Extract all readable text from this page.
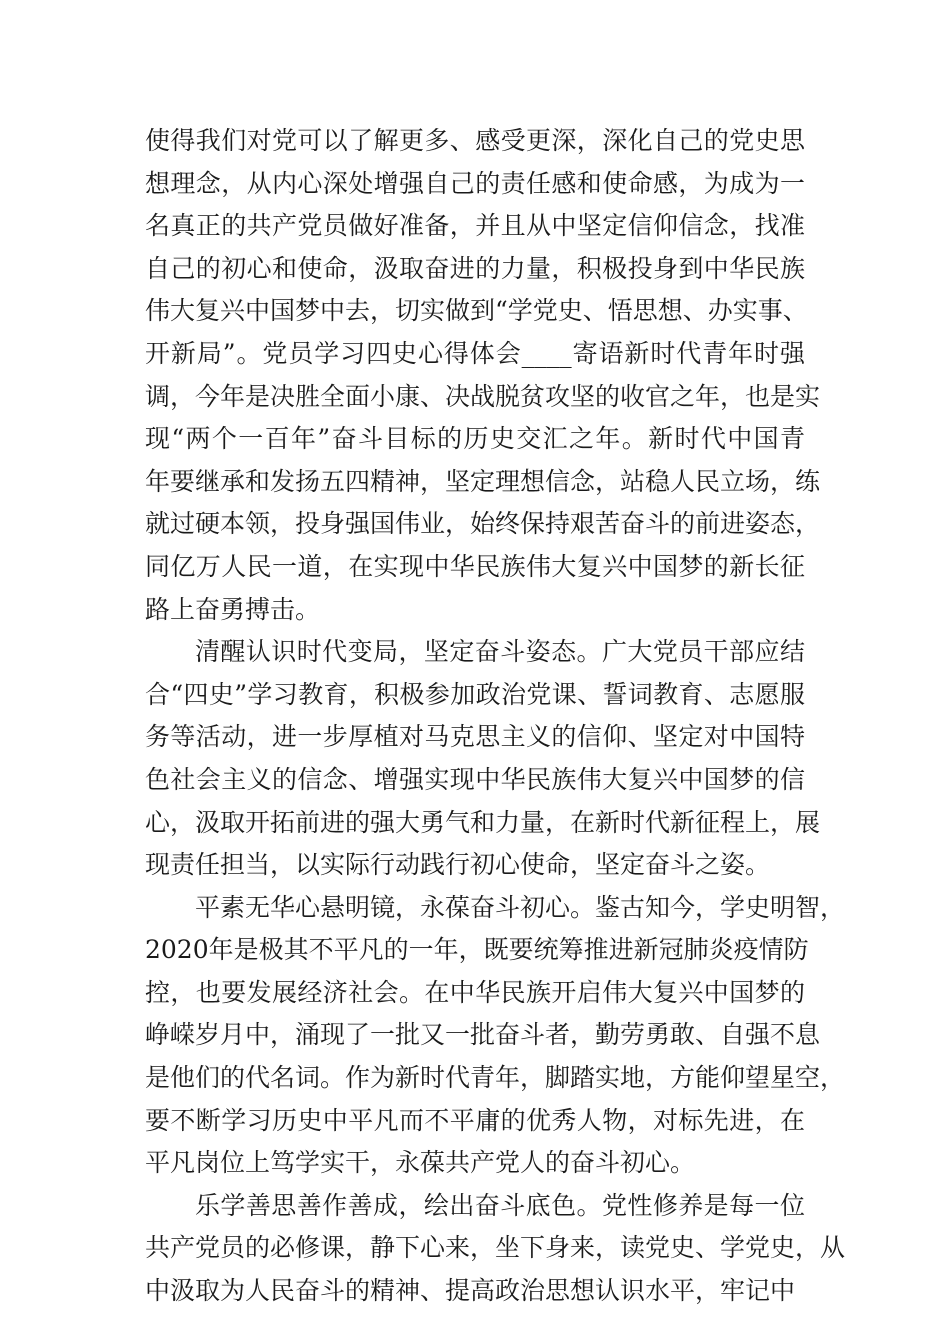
使得我们对党可以了解更多、感受更深，深化自己的党史思
想理念，从内心深处增强自己的责任感和使命感，为成为一
名真正的共产党员做好准备，并且从中坚定信仰信念，找准
自己的初心和使命，汲取奋进的力量，积极投身到中华民族
伟大复兴中国梦中去，切实做到“学党史、悟思想、办实事、
开新局”。党员学习四史心得体会____寄语新时代青年时强
调，今年是决胜全面小康、决战脱贫攻坚的收官之年，也是实
现“两个一百年”奋斗目标的历史交汇之年。新时代中国青
年要继承和发扬五四精神，坚定理想信念，站稳人民立场，练
就过硬本领，投身强国伟业，始终保持艰苦奋斗的前进姿态，
同亿万人民一道，在实现中华民族伟大复兴中国梦的新长征
路上奋勇搏击。
清醒认识时代变局，坚定奋斗姿态。广大党员干部应结
合“四史”学习教育，积极参加政治党课、誓词教育、志愿服
务等活动，进一步厚植对马克思主义的信仰、坚定对中国特
色社会主义的信念、增强实现中华民族伟大复兴中国梦的信
心，汲取开拓前进的强大勇气和力量，在新时代新征程上，展
现责任担当，以实际行动践行初心使命，坚定奋斗之姿。
平素无华心悬明镜，永葆奋斗初心。鉴古知今，学史明智，
2020年是极其不平凡的一年，既要统筹推进新冠肺炎疫情防
控，也要发展经济社会。在中华民族开启伟大复兴中国梦的
峥嵘岁月中，涌现了一批又一批奋斗者，勤劳勇敢、自强不息
是他们的代名词。作为新时代青年，脚踏实地，方能仰望星空，
要不断学习历史中平凡而不平庸的优秀人物，对标先进，在
平凡岗位上笃学实干，永葆共产党人的奋斗初心。
乐学善思善作善成，绘出奋斗底色。党性修养是每一位
共产党员的必修课，静下心来，坐下身来，读党史、学党史，从
中汲取为人民奋斗的精神、提高政治思想认识水平，牢记中
